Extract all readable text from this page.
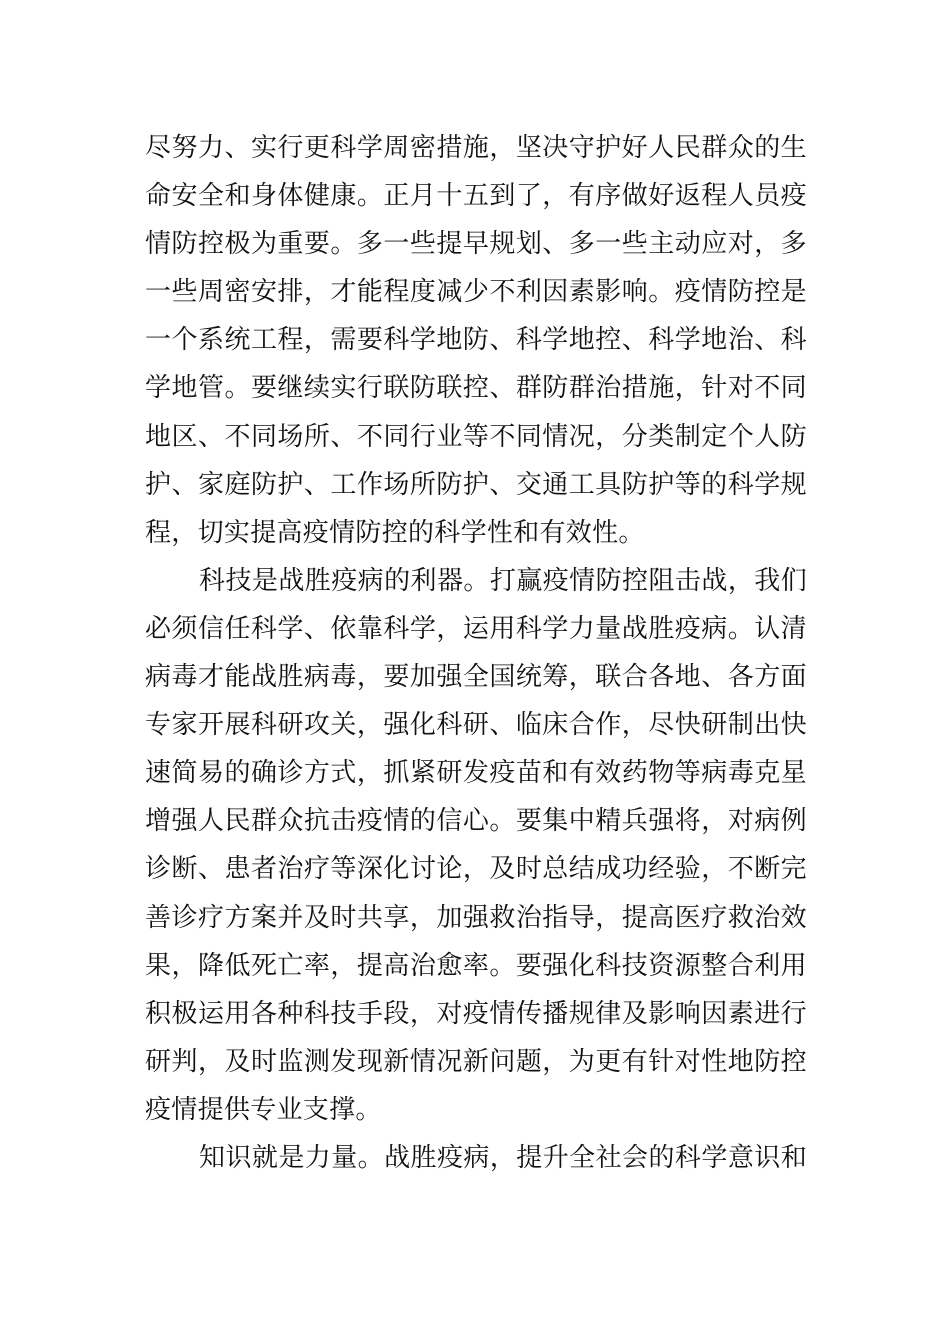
尽努力、实行更科学周密措施，坚决守护好人民群众的生
命安全和身体健康。正月十五到了，有序做好返程人员疫
情防控极为重要。多一些提早规划、多一些主动应对，多
一些周密安排，才能程度减少不利因素影响。疫情防控是
一个系统工程，需要科学地防、科学地控、科学地治、科
学地管。要继续实行联防联控、群防群治措施，针对不同
地区、不同场所、不同行业等不同情况，分类制定个人防
护、家庭防护、工作场所防护、交通工具防护等的科学规
程，切实提高疫情防控的科学性和有效性。
科技是战胜疫病的利器。打赢疫情防控阻击战，我们
必须信任科学、依靠科学，运用科学力量战胜疫病。认清
病毒才能战胜病毒，要加强全国统筹，联合各地、各方面
专家开展科研攻关，强化科研、临床合作，尽快研制出快
速简易的确诊方式，抓紧研发疫苗和有效药物等病毒克星
增强人民群众抗击疫情的信心。要集中精兵强将，对病例
诊断、患者治疗等深化讨论，及时总结成功经验，不断完
善诊疗方案并及时共享，加强救治指导，提高医疗救治效
果，降低死亡率，提高治愈率。要强化科技资源整合利用
积极运用各种科技手段，对疫情传播规律及影响因素进行
研判，及时监测发现新情况新问题，为更有针对性地防控
疫情提供专业支撑。
知识就是力量。战胜疫病，提升全社会的科学意识和
